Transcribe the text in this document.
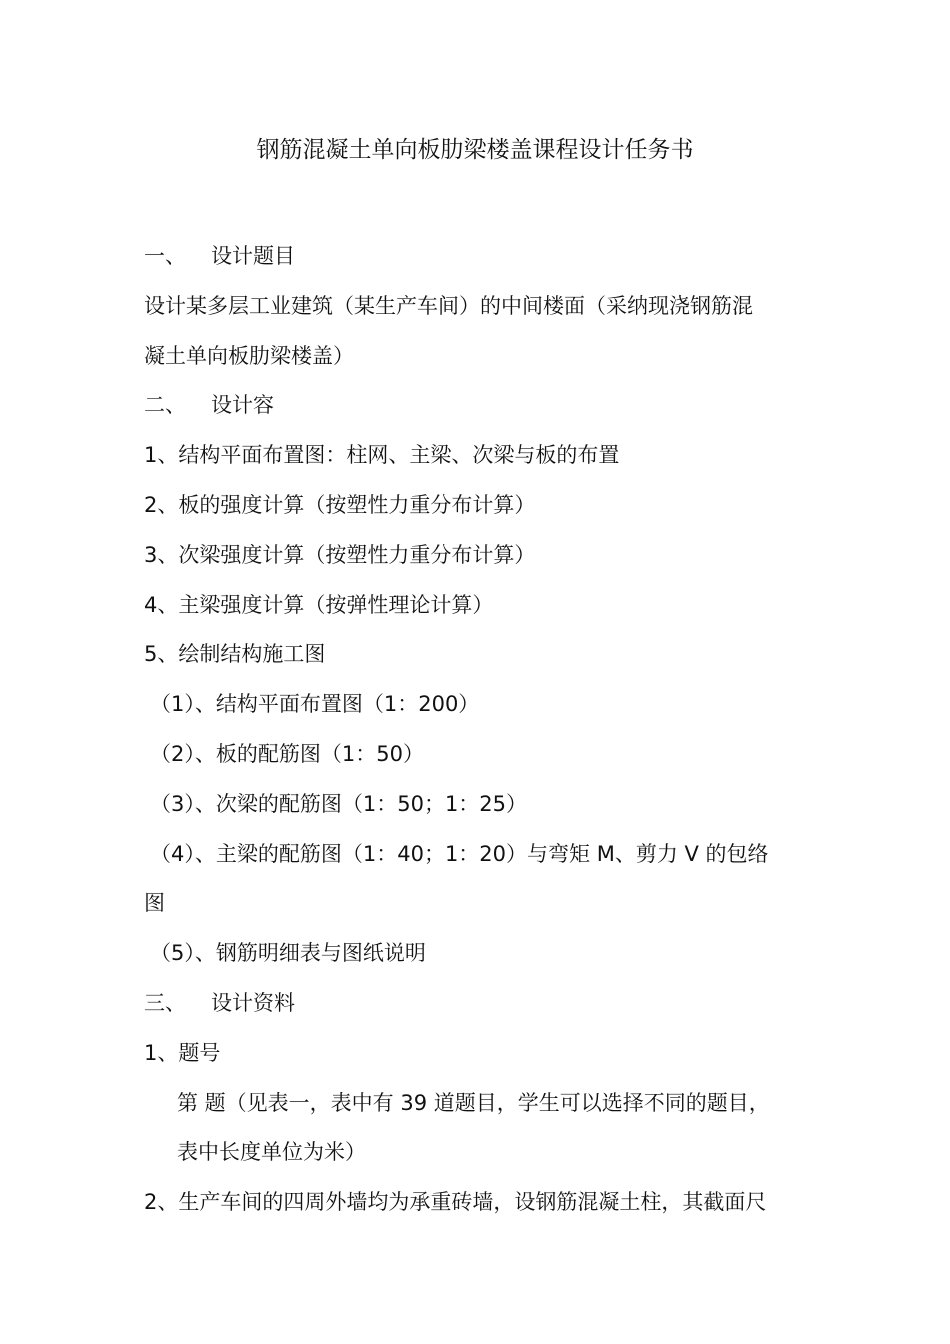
钢筋混凝土单向板肋梁楼盖课程设计任务书
一、 设计题目
设计某多层工业建筑（某生产车间）的中间楼面（采纳现浇钢筋混
凝土单向板肋梁楼盖）
二、 设计容
1、结构平面布置图：柱网、主梁、次梁与板的布置
2、板的强度计算（按塑性力重分布计算）
3、次梁强度计算（按塑性力重分布计算）
4、主梁强度计算（按弹性理论计算）
5、绘制结构施工图
（1）、结构平面布置图（1：200）
（2）、板的配筋图（1：50）
（3）、次梁的配筋图（1：50；1：25）
（4）、主梁的配筋图（1：40；1：20）与弯矩 M、剪力 V 的包络
图
（5）、钢筋明细表与图纸说明
三、 设计资料
1、题号
第 题（见表一，表中有 39 道题目，学生可以选择不同的题目，
表中长度单位为米）
2、生产车间的四周外墙均为承重砖墙，设钢筋混凝土柱，其截面尺
